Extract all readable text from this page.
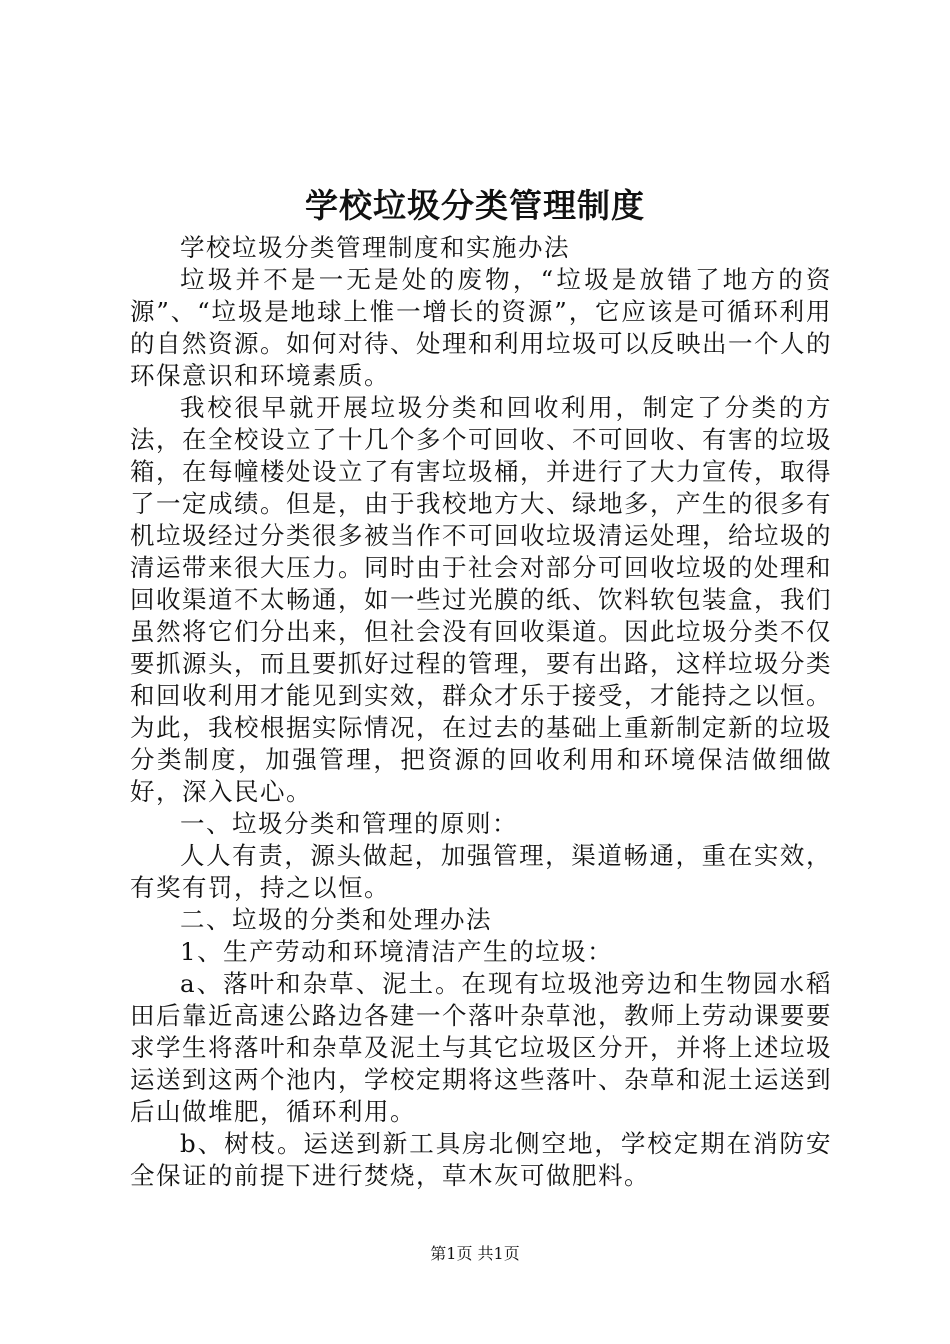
学校垃圾分类管理制度

学校垃圾分类管理制度和实施办法

垃圾并不是一无是处的废物，“垃圾是放错了地方的资源”、“垃圾是地球上惟一增长的资源”，它应该是可循环利用的自然资源。如何对待、处理和利用垃圾可以反映出一个人的环保意识和环境素质。

我校很早就开展垃圾分类和回收利用，制定了分类的方法，在全校设立了十几个多个可回收、不可回收、有害的垃圾箱，在每幢楼处设立了有害垃圾桶，并进行了大力宣传，取得了一定成绩。但是，由于我校地方大、绿地多，产生的很多有机垃圾经过分类很多被当作不可回收垃圾清运处理，给垃圾的清运带来很大压力。同时由于社会对部分可回收垃圾的处理和回收渠道不太畅通，如一些过光膜的纸、饮料软包装盒，我们虽然将它们分出来，但社会没有回收渠道。因此垃圾分类不仅要抓源头，而且要抓好过程的管理，要有出路，这样垃圾分类和回收利用才能见到实效，群众才乐于接受，才能持之以恒。为此，我校根据实际情况，在过去的基础上重新制定新的垃圾分类制度，加强管理，把资源的回收利用和环境保洁做细做好，深入民心。

一、垃圾分类和管理的原则：

人人有责，源头做起，加强管理，渠道畅通，重在实效，有奖有罚，持之以恒。

二、垃圾的分类和处理办法

1、生产劳动和环境清洁产生的垃圾：

a、落叶和杂草、泥土。在现有垃圾池旁边和生物园水稻田后靠近高速公路边各建一个落叶杂草池，教师上劳动课要要求学生将落叶和杂草及泥土与其它垃圾区分开，并将上述垃圾运送到这两个池内，学校定期将这些落叶、杂草和泥土运送到后山做堆肥，循环利用。

b、树枝。运送到新工具房北侧空地，学校定期在消防安全保证的前提下进行焚烧，草木灰可做肥料。

第1页 共1页
